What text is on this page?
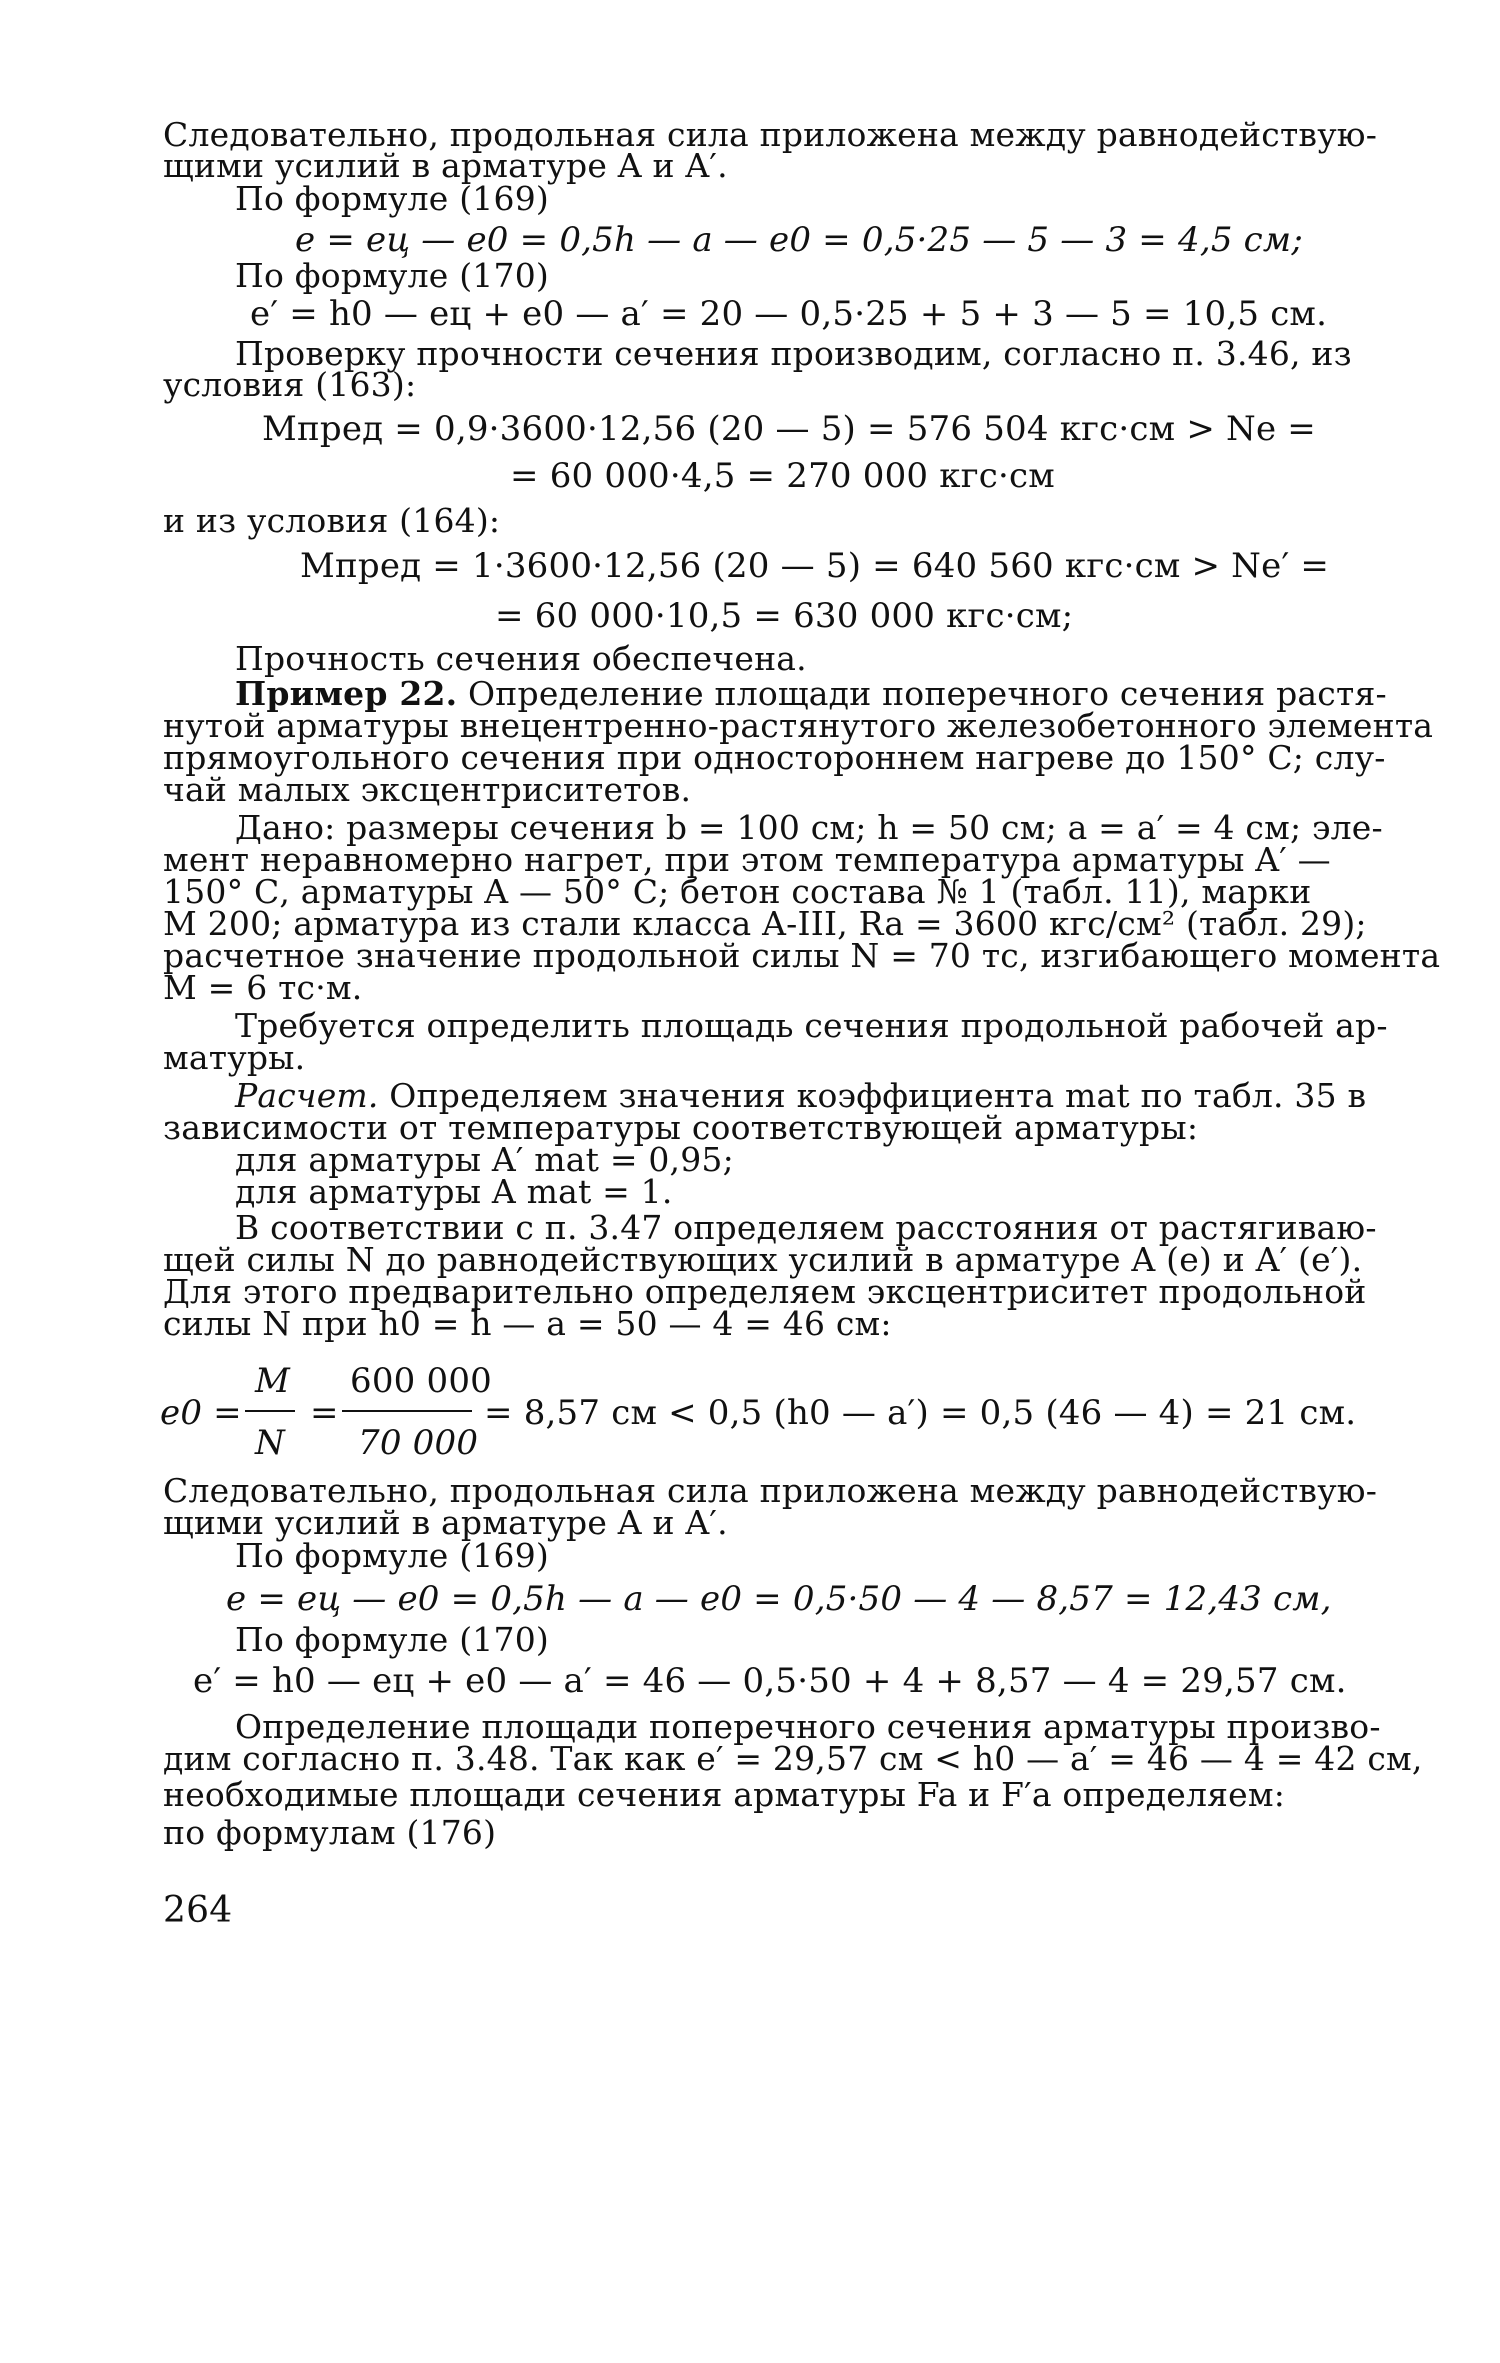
Следовательно, продольная сила приложена между равнодействую-
щими усилий в арматуре A и A′.
По формуле (169)
e = eц — e0 = 0,5h — a — e0 = 0,5·25 — 5 — 3 = 4,5 см;
По формуле (170)
e′ = h0 — eц + e0 — a′ = 20 — 0,5·25 + 5 + 3 — 5 = 10,5 см.
Проверку прочности сечения производим, согласно п. 3.46, из
условия (163):
Mпред = 0,9·3600·12,56 (20 — 5) = 576 504 кгс·см > Ne =
= 60 000·4,5 = 270 000 кгс·см
и из условия (164):
Mпред = 1·3600·12,56 (20 — 5) = 640 560 кгс·см > Ne′ =
= 60 000·10,5 = 630 000 кгс·см;
Прочность сечения обеспечена.
Пример 22. Определение площади поперечного сечения растя-
нутой арматуры внецентренно-растянутого железобетонного элемента
прямоугольного сечения при одностороннем нагреве до 150° С; слу-
чай малых эксцентриситетов.
Дано: размеры сечения b = 100 см; h = 50 см; a = a′ = 4 см; эле-
мент неравномерно нагрет, при этом температура арматуры A′ —
150° С, арматуры A — 50° С; бетон состава № 1 (табл. 11), марки
M 200; арматура из стали класса A-III, Ra = 3600 кгс/см² (табл. 29);
расчетное значение продольной силы N = 70 тс, изгибающего момента
M = 6 тс·м.
Требуется определить площадь сечения продольной рабочей ар-
матуры.
Расчет. Определяем значения коэффициента mat по табл. 35 в
зависимости от температуры соответствующей арматуры:
для арматуры A′ mat = 0,95;
для арматуры A mat = 1.
В соответствии с п. 3.47 определяем расстояния от растягиваю-
щей силы N до равнодействующих усилий в арматуре A (e) и A′ (e′).
Для этого предварительно определяем эксцентриситет продольной
силы N при h0 = h — a = 50 — 4 = 46 см:
e0 =
M
N
=
600 000
70 000
= 8,57 см < 0,5 (h0 — a′) = 0,5 (46 — 4) = 21 см.
Следовательно, продольная сила приложена между равнодействую-
щими усилий в арматуре A и A′.
По формуле (169)
e = eц — e0 = 0,5h — a — e0 = 0,5·50 — 4 — 8,57 = 12,43 см,
По формуле (170)
e′ = h0 — eц + e0 — a′ = 46 — 0,5·50 + 4 + 8,57 — 4 = 29,57 см.
Определение площади поперечного сечения арматуры произво-
дим согласно п. 3.48. Так как e′ = 29,57 см < h0 — a′ = 46 — 4 = 42 см,
необходимые площади сечения арматуры Fa и F′a определяем:
по формулам (176)
264
